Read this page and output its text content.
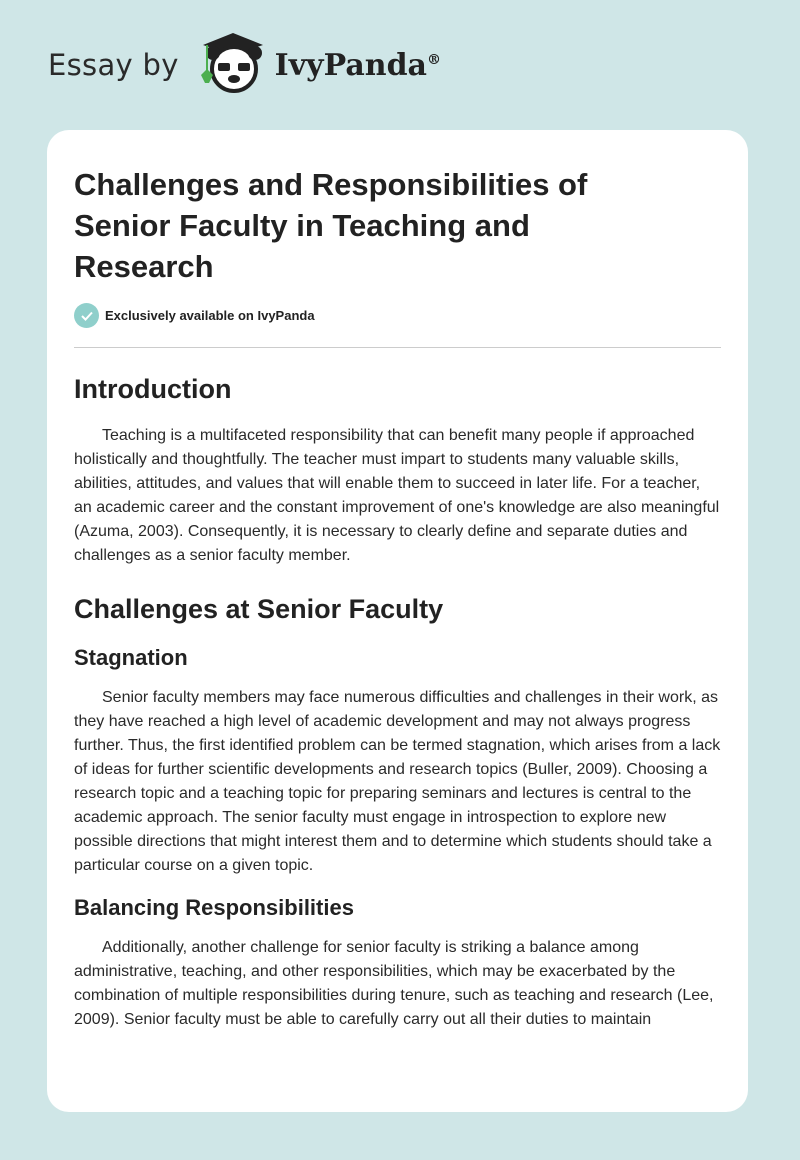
Essay by	IvyPanda®
Challenges and Responsibilities of Senior Faculty in Teaching and Research
Exclusively available on IvyPanda
Introduction

Teaching is a multifaceted responsibility that can benefit many people if approached holistically and thoughtfully. The teacher must impart to students many valuable skills, abilities, attitudes, and values that will enable them to succeed in later life. For a teacher, an academic career and the constant improvement of one's knowledge are also meaningful (Azuma, 2003). Consequently, it is necessary to clearly define and separate duties and challenges as a senior faculty member.

Challenges at Senior Faculty
Stagnation

Senior faculty members may face numerous difficulties and challenges in their work, as they have reached a high level of academic development and may not always progress further. Thus, the first identified problem can be termed stagnation, which arises from a lack of ideas for further scientific developments and research topics (Buller, 2009). Choosing a research topic and a teaching topic for preparing seminars and lectures is central to the academic approach. The senior faculty must engage in introspection to explore new possible directions that might interest them and to determine which students should take a particular course on a given topic.

Balancing Responsibilities

Additionally, another challenge for senior faculty is striking a balance among administrative, teaching, and other responsibilities, which may be exacerbated by the combination of multiple responsibilities during tenure, such as teaching and research (Lee, 2009). Senior faculty must be able to carefully carry out all their duties to maintain
